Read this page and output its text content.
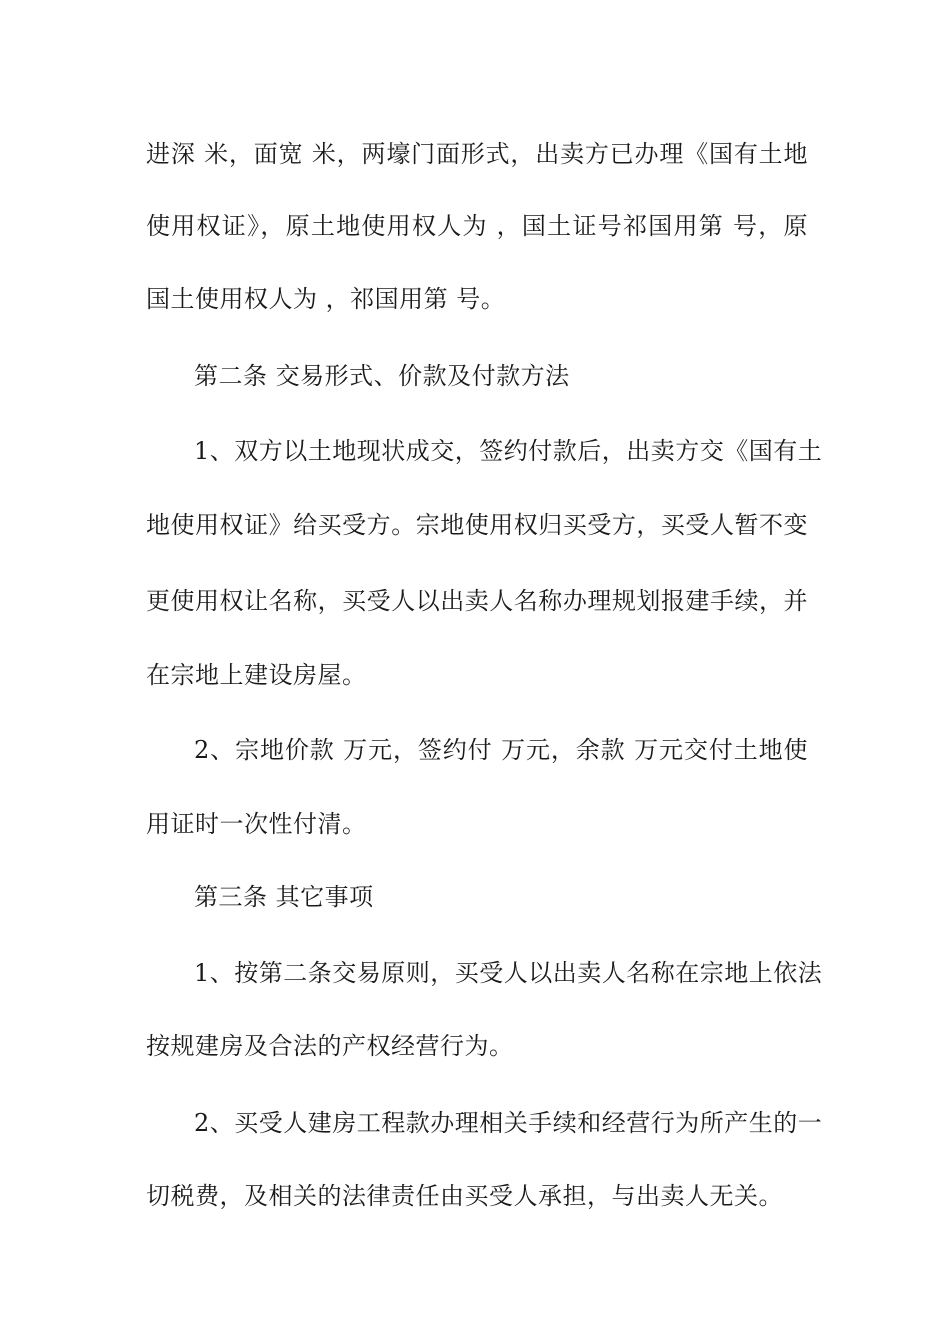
进深 米，面宽 米，两壕门面形式，出卖方已办理《国有土地
使用权证》，原土地使用权人为 ，国土证号祁国用第 号，原
国土使用权人为 ，祁国用第 号。
第二条 交易形式、价款及付款方法
1、双方以土地现状成交，签约付款后，出卖方交《国有土
地使用权证》给买受方。宗地使用权归买受方，买受人暂不变
更使用权让名称，买受人以出卖人名称办理规划报建手续，并
在宗地上建设房屋。
2、宗地价款 万元，签约付 万元，余款 万元交付土地使
用证时一次性付清。
第三条 其它事项
1、按第二条交易原则，买受人以出卖人名称在宗地上依法
按规建房及合法的产权经营行为。
2、买受人建房工程款办理相关手续和经营行为所产生的一
切税费，及相关的法律责任由买受人承担，与出卖人无关。
